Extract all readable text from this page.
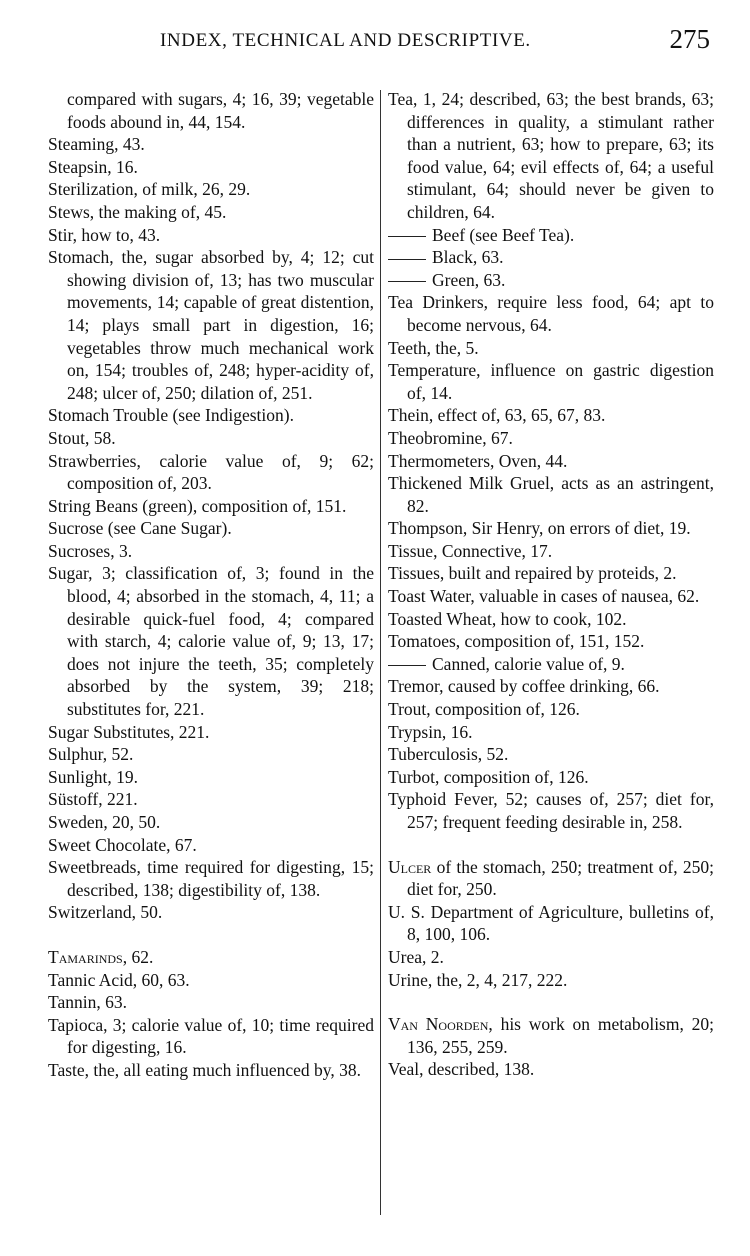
INDEX, TECHNICAL AND DESCRIPTIVE.	275

compared with sugars, 4; 16, 39; vegetable foods abound in, 44, 154.

Steaming, 43.

Steapsin, 16.

Sterilization, of milk, 26, 29.

Stews, the making of, 45.

Stir, how to, 43.

Stomach, the, sugar absorbed by, 4; 12; cut showing division of, 13; has two muscular movements, 14; capable of great distention, 14; plays small part in digestion, 16; vegetables throw much mechanical work on, 154; troubles of, 248; hyper-acidity of, 248; ulcer of, 250; dilation of, 251.

Stomach Trouble (see Indigestion).

Stout, 58.

Strawberries, calorie value of, 9; 62; composition of, 203.

String Beans (green), composition of, 151.

Sucrose (see Cane Sugar).

Sucroses, 3.

Sugar, 3; classification of, 3; found in the blood, 4; absorbed in the stomach, 4, 11; a desirable quick-fuel food, 4; compared with starch, 4; calorie value of, 9; 13, 17; does not injure the teeth, 35; completely absorbed by the system, 39; 218; substitutes for, 221.

Sugar Substitutes, 221.

Sulphur, 52.

Sunlight, 19.

Süstoff, 221.

Sweden, 20, 50.

Sweet Chocolate, 67.

Sweetbreads, time required for digesting, 15; described, 138; digestibility of, 138.

Switzerland, 50.

Tamarinds, 62.

Tannic Acid, 60, 63.

Tannin, 63.

Tapioca, 3; calorie value of, 10; time required for digesting, 16.

Taste, the, all eating much influenced by, 38.

Tea, 1, 24; described, 63; the best brands, 63; differences in quality, a stimulant rather than a nutrient, 63; how to prepare, 63; its food value, 64; evil effects of, 64; a useful stimulant, 64; should never be given to children, 64.

Beef (see Beef Tea).

Black, 63.

Green, 63.

Tea Drinkers, require less food, 64; apt to become nervous, 64.

Teeth, the, 5.

Temperature, influence on gastric digestion of, 14.

Thein, effect of, 63, 65, 67, 83.

Theobromine, 67.

Thermometers, Oven, 44.

Thickened Milk Gruel, acts as an astringent, 82.

Thompson, Sir Henry, on errors of diet, 19.

Tissue, Connective, 17.

Tissues, built and repaired by proteids, 2.

Toast Water, valuable in cases of nausea, 62.

Toasted Wheat, how to cook, 102.

Tomatoes, composition of, 151, 152.

Canned, calorie value of, 9.

Tremor, caused by coffee drinking, 66.

Trout, composition of, 126.

Trypsin, 16.

Tuberculosis, 52.

Turbot, composition of, 126.

Typhoid Fever, 52; causes of, 257; diet for, 257; frequent feeding desirable in, 258.

Ulcer of the stomach, 250; treatment of, 250; diet for, 250.

U. S. Department of Agriculture, bulletins of, 8, 100, 106.

Urea, 2.

Urine, the, 2, 4, 217, 222.

Van Noorden, his work on metabolism, 20; 136, 255, 259.

Veal, described, 138.
